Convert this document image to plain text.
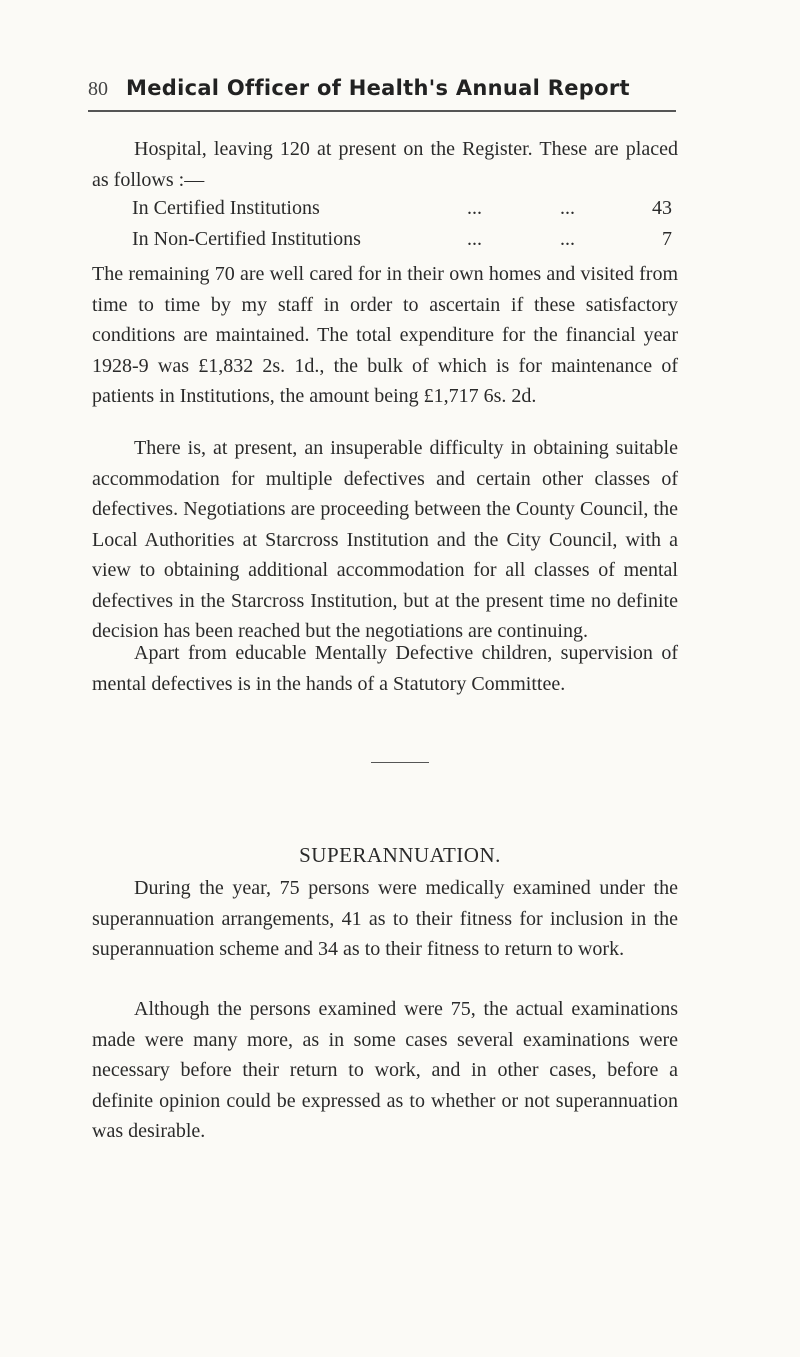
80 Medical Officer of Health's Annual Report

Hospital, leaving 120 at present on the Register. These are placed as follows :—

In Certified Institutions	...	...	43
In Non-Certified Institutions	...	...	7

The remaining 70 are well cared for in their own homes and visited from time to time by my staff in order to ascertain if these satisfactory conditions are maintained. The total expenditure for the financial year 1928-9 was £1,832 2s. 1d., the bulk of which is for maintenance of patients in Institutions, the amount being £1,717 6s. 2d.

There is, at present, an insuperable difficulty in obtaining suitable accommodation for multiple defectives and certain other classes of defectives. Negotiations are proceeding between the County Council, the Local Authorities at Starcross Institution and the City Council, with a view to obtaining additional accommodation for all classes of mental defectives in the Starcross Institution, but at the present time no definite decision has been reached but the negotiations are continuing.

Apart from educable Mentally Defective children, supervision of mental defectives is in the hands of a Statutory Committee.

SUPERANNUATION.

During the year, 75 persons were medically examined under the superannuation arrangements, 41 as to their fitness for inclusion in the superannuation scheme and 34 as to their fitness to return to work.

Although the persons examined were 75, the actual examinations made were many more, as in some cases several examinations were necessary before their return to work, and in other cases, before a definite opinion could be expressed as to whether or not superannuation was desirable.
